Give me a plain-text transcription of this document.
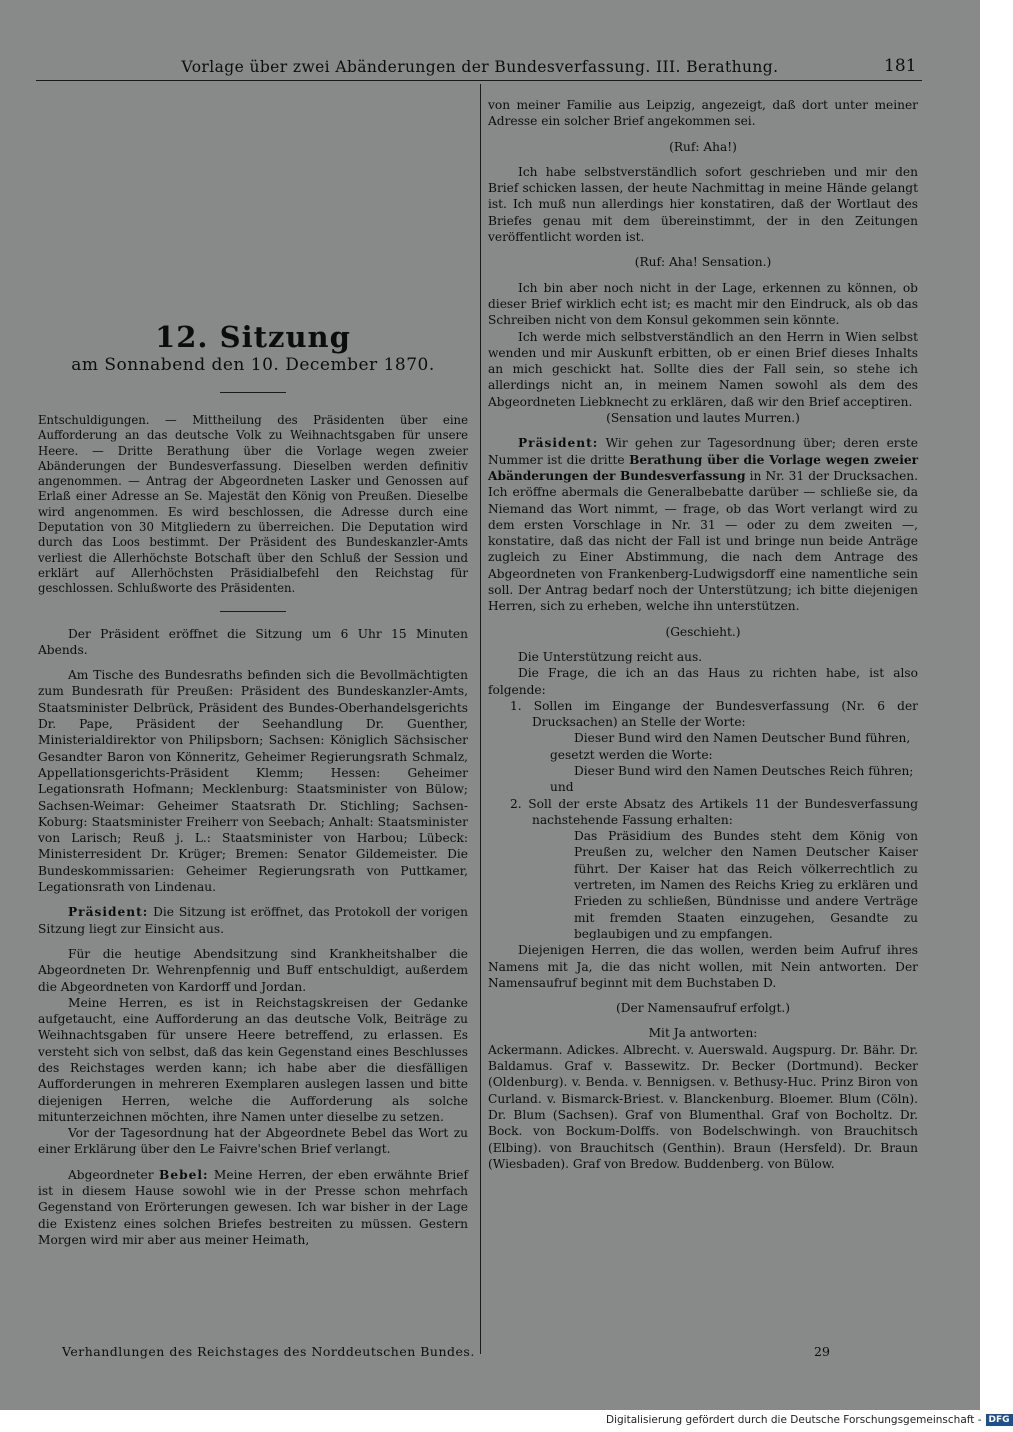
Vorlage über zwei Abänderungen der Bundesverfassung. III. Berathung.	181

12. Sitzung

am Sonnabend den 10. December 1870.

Entschuldigungen. — Mittheilung des Präsidenten über eine Aufforderung an das deutsche Volk zu Weihnachtsgaben für unsere Heere. — Dritte Berathung über die Vorlage wegen zweier Abänderungen der Bundesverfassung. Dieselben werden definitiv angenommen. — Antrag der Abgeordneten Lasker und Genossen auf Erlaß einer Adresse an Se. Majestät den König von Preußen. Dieselbe wird angenommen. Es wird beschlossen, die Adresse durch eine Deputation von 30 Mitgliedern zu überreichen. Die Deputation wird durch das Loos bestimmt. Der Präsident des Bundeskanzler-Amts verliest die Allerhöchste Botschaft über den Schluß der Session und erklärt auf Allerhöchsten Präsidialbefehl den Reichstag für geschlossen. Schlußworte des Präsidenten.

Der Präsident eröffnet die Sitzung um 6 Uhr 15 Minuten Abends.

Am Tische des Bundesraths befinden sich die Bevollmächtigten zum Bundesrath für Preußen: Präsident des Bundeskanzler-Amts, Staatsminister Delbrück, Präsident des Bundes-Oberhandelsgerichts Dr. Pape, Präsident der Seehandlung Dr. Guenther, Ministerialdirektor von Philipsborn; Sachsen: Königlich Sächsischer Gesandter Baron von Könneritz, Geheimer Regierungsrath Schmalz, Appellationsgerichts-Präsident Klemm; Hessen: Geheimer Legationsrath Hofmann; Mecklenburg: Staatsminister von Bülow; Sachsen-Weimar: Geheimer Staatsrath Dr. Stichling; Sachsen-Koburg: Staatsminister Freiherr von Seebach; Anhalt: Staatsminister von Larisch; Reuß j. L.: Staatsminister von Harbou; Lübeck: Ministerresident Dr. Krüger; Bremen: Senator Gildemeister. Die Bundeskommissarien: Geheimer Regierungsrath von Puttkamer, Legationsrath von Lindenau.

Präsident: Die Sitzung ist eröffnet, das Protokoll der vorigen Sitzung liegt zur Einsicht aus.

Für die heutige Abendsitzung sind Krankheitshalber die Abgeordneten Dr. Wehrenpfennig und Buff entschuldigt, außerdem die Abgeordneten von Kardorff und Jordan.

Meine Herren, es ist in Reichstagskreisen der Gedanke aufgetaucht, eine Aufforderung an das deutsche Volk, Beiträge zu Weihnachtsgaben für unsere Heere betreffend, zu erlassen. Es versteht sich von selbst, daß das kein Gegenstand eines Beschlusses des Reichstages werden kann; ich habe aber die diesfälligen Aufforderungen in mehreren Exemplaren auslegen lassen und bitte diejenigen Herren, welche die Aufforderung als solche mitunterzeichnen möchten, ihre Namen unter dieselbe zu setzen.

Vor der Tagesordnung hat der Abgeordnete Bebel das Wort zu einer Erklärung über den Le Faivre'schen Brief verlangt.

Abgeordneter Bebel: Meine Herren, der eben erwähnte Brief ist in diesem Hause sowohl wie in der Presse schon mehrfach Gegenstand von Erörterungen gewesen. Ich war bisher in der Lage die Existenz eines solchen Briefes bestreiten zu müssen. Gestern Morgen wird mir aber aus meiner Heimath,

von meiner Familie aus Leipzig, angezeigt, daß dort unter meiner Adresse ein solcher Brief angekommen sei.

(Ruf: Aha!)

Ich habe selbstverständlich sofort geschrieben und mir den Brief schicken lassen, der heute Nachmittag in meine Hände gelangt ist. Ich muß nun allerdings hier konstatiren, daß der Wortlaut des Briefes genau mit dem übereinstimmt, der in den Zeitungen veröffentlicht worden ist.

(Ruf: Aha! Sensation.)

Ich bin aber noch nicht in der Lage, erkennen zu können, ob dieser Brief wirklich echt ist; es macht mir den Eindruck, als ob das Schreiben nicht von dem Konsul gekommen sein könnte.

Ich werde mich selbstverständlich an den Herrn in Wien selbst wenden und mir Auskunft erbitten, ob er einen Brief dieses Inhalts an mich geschickt hat. Sollte dies der Fall sein, so stehe ich allerdings nicht an, in meinem Namen sowohl als dem des Abgeordneten Liebknecht zu erklären, daß wir den Brief acceptiren.

(Sensation und lautes Murren.)

Präsident: Wir gehen zur Tagesordnung über; deren erste Nummer ist die dritte Berathung über die Vorlage wegen zweier Abänderungen der Bundesverfassung in Nr. 31 der Drucksachen. Ich eröffne abermals die Generalbebatte darüber — schließe sie, da Niemand das Wort nimmt, — frage, ob das Wort verlangt wird zu dem ersten Vorschlage in Nr. 31 — oder zu dem zweiten —, konstatire, daß das nicht der Fall ist und bringe nun beide Anträge zugleich zu Einer Abstimmung, die nach dem Antrage des Abgeordneten von Frankenberg-Ludwigsdorff eine namentliche sein soll. Der Antrag bedarf noch der Unterstützung; ich bitte diejenigen Herren, sich zu erheben, welche ihn unterstützen.

(Geschieht.)

Die Unterstützung reicht aus.

Die Frage, die ich an das Haus zu richten habe, ist also folgende:

1. Sollen im Eingange der Bundesverfassung (Nr. 6 der Drucksachen) an Stelle der Worte:

Dieser Bund wird den Namen Deutscher Bund führen,

gesetzt werden die Worte:

Dieser Bund wird den Namen Deutsches Reich führen;

und

2. Soll der erste Absatz des Artikels 11 der Bundesverfassung nachstehende Fassung erhalten:

Das Präsidium des Bundes steht dem König von Preußen zu, welcher den Namen Deutscher Kaiser führt. Der Kaiser hat das Reich völkerrechtlich zu vertreten, im Namen des Reichs Krieg zu erklären und Frieden zu schließen, Bündnisse und andere Verträge mit fremden Staaten einzugehen, Gesandte zu beglaubigen und zu empfangen.

Diejenigen Herren, die das wollen, werden beim Aufruf ihres Namens mit Ja, die das nicht wollen, mit Nein antworten. Der Namensaufruf beginnt mit dem Buchstaben D.

(Der Namensaufruf erfolgt.)

Mit Ja antworten:

Ackermann. Adickes. Albrecht. v. Auerswald. Augspurg. Dr. Bähr. Dr. Baldamus. Graf v. Bassewitz. Dr. Becker (Dortmund). Becker (Oldenburg). v. Benda. v. Bennigsen. v. Bethusy-Huc. Prinz Biron von Curland. v. Bismarck-Briest. v. Blanckenburg. Bloemer. Blum (Cöln). Dr. Blum (Sachsen). Graf von Blumenthal. Graf von Bocholtz. Dr. Bock. von Bockum-Dolffs. von Bodelschwingh. von Brauchitsch (Elbing). von Brauchitsch (Genthin). Braun (Hersfeld). Dr. Braun (Wiesbaden). Graf von Bredow. Buddenberg. von Bülow.

Verhandlungen des Reichstages des Norddeutschen Bundes.	29
Digitalisierung gefördert durch die Deutsche Forschungsgemeinschaft - DFG
